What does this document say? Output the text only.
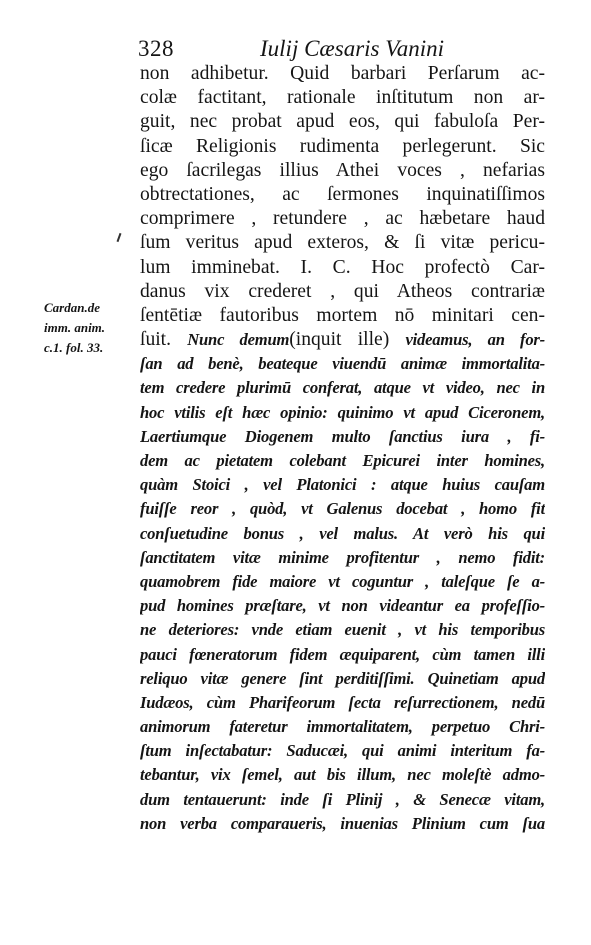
328	Iulij Cæsaris Vanini
Cardan.de
imm. anim.
c.1. fol. 33.
non adhibetur. Quid barbari Perſarum ac-
colæ factitant, rationale inſtitutum non ar-
guit, nec probat apud eos, qui fabuloſa Per-
ſicæ Religionis rudimenta perlegerunt. Sic
ego ſacrilegas illius Athei voces , nefarias
obtrectationes, ac ſermones inquinatiſſimos
comprimere , retundere , ac hæbetare haud
ſum veritus apud exteros, & ſi vitæ pericu-
lum imminebat. I. C. Hoc profectò Car-
danus vix crederet , qui Atheos contrariæ
ſentētiæ fautoribus mortem nō minitari cen-
ſuit. Nunc demum(inquit ille) videamus, an for-
ſan ad benè, beateque viuendū animæ immortalita-
tem credere plurimū conferat, atque vt video, nec in
hoc vtilis eſt hæc opinio: quinimo vt apud Ciceronem,
Laertiumque Diogenem multo ſanctius iura , fi-
dem ac pietatem colebant Epicurei inter homines,
quàm Stoici , vel Platonici : atque huius cauſam
fuiſſe reor , quòd, vt Galenus docebat , homo fit
conſuetudine bonus , vel malus. At verò his qui
ſanctitatem vitæ minime profitentur , nemo fidit:
quamobrem fide maiore vt coguntur , taleſque ſe a-
pud homines præſtare, vt non videantur ea profeſſio-
ne deteriores: vnde etiam euenit , vt his temporibus
pauci fœneratorum fidem æquiparent, cùm tamen illi
reliquo vitæ genere ſint perditiſſimi. Quinetiam apud
Iudæos, cùm Pharifeorum ſecta reſurrectionem, nedū
animorum fateretur immortalitatem, perpetuo Chri-
ſtum inſectabatur: Saducæi, qui animi interitum fa-
tebantur, vix ſemel, aut bis illum, nec moleſtè admo-
dum tentauerunt: inde ſi Plinij , & Senecæ vitam,
non verba comparaueris, inuenias Plinium cum ſua
